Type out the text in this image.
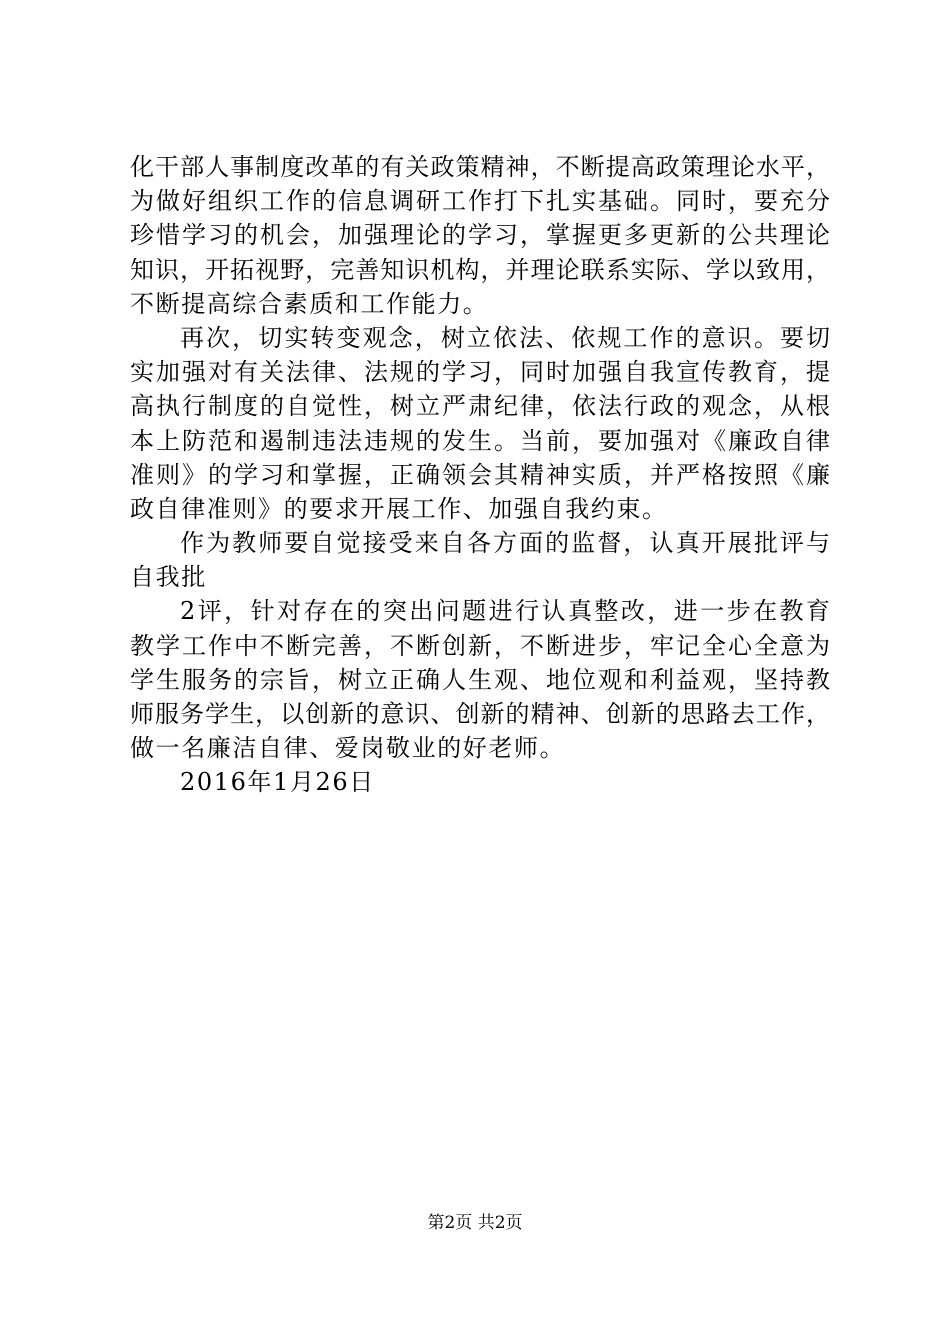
化干部人事制度改革的有关政策精神，不断提高政策理论水平，
为做好组织工作的信息调研工作打下扎实基础。同时，要充分
珍惜学习的机会，加强理论的学习，掌握更多更新的公共理论
知识，开拓视野，完善知识机构，并理论联系实际、学以致用，
不断提高综合素质和工作能力。
再次，切实转变观念，树立依法、依规工作的意识。要切
实加强对有关法律、法规的学习，同时加强自我宣传教育，提
高执行制度的自觉性，树立严肃纪律，依法行政的观念，从根
本上防范和遏制违法违规的发生。当前，要加强对《廉政自律
准则》的学习和掌握，正确领会其精神实质，并严格按照《廉
政自律准则》的要求开展工作、加强自我约束。
作为教师要自觉接受来自各方面的监督，认真开展批评与
自我批
2评，针对存在的突出问题进行认真整改，进一步在教育
教学工作中不断完善，不断创新，不断进步，牢记全心全意为
学生服务的宗旨，树立正确人生观、地位观和利益观，坚持教
师服务学生，以创新的意识、创新的精神、创新的思路去工作，
做一名廉洁自律、爱岗敬业的好老师。
2016年1月26日
第2页 共2页
